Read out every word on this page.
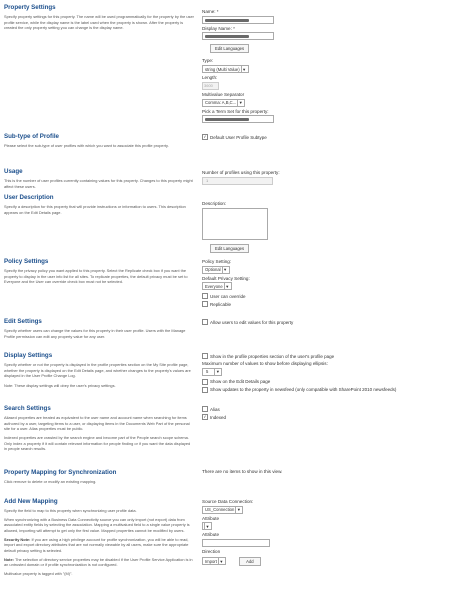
Property Settings
Specify property settings for this property. The name will be used programmatically for the property by the user profile service, while the display name is the label used when the property is shown. After the property is created the only property setting you can change is the display name.
Name: *
Display Name: *
Edit Languages
Type:
string (Multi Value) ▼
Length:
3600
Multivalue Separator
Comma: A,B,C... ▼
Pick a Term Set for this property:
Sub-type of Profile
Please select the sub-type of user profiles with which you want to associate this profile property.
✓ Default User Profile Subtype
Usage
This is the number of user profiles currently containing values for this property. Changes to this property might affect these users.
Number of profiles using this property:
1
User Description
Specify a description for this property that will provide instructions or information to users. This description appears on the Edit Details page.
Description:
Edit Languages
Policy Settings
Specify the privacy policy you want applied to this property. Select the Replicate check box if you want the property to display in the user info list for all sites. To replicate properties, the default privacy must be set to Everyone and the User can override check box must not be selected.
Policy Setting:
Optional ▼
Default Privacy Setting:
Everyone ▼
User can override
Replicable
Edit Settings
Specify whether users can change the values for this property in their user profile. Users with the Manage Profile permission can edit any property value for any user.
Allow users to edit values for this property
Display Settings
Specify whether or not the property is displayed in the profile properties section on the My Site profile page, whether the property is displayed on the Edit Details page, and whether changes to the property's values are displayed in the User Profile Change Log.
Note: These display settings will obey the user's privacy settings.
Show in the profile properties section of the user's profile page
Maximum number of values to show before displaying ellipsis:
5	▼
Show on the Edit Details page
Show updates to the property in newsfeed (only compatible with SharePoint 2010 newsfeeds)
Search Settings
Aliased properties are treated as equivalent to the user name and account name when searching for items authored by a user, targeting items to a user, or displaying items in the Documents Web Part of the personal site for a user. Alias properties must be public.
Indexed properties are crawled by the search engine and become part of the People search scope schema. Only index a property if it will contain relevant information for people finding or if you want the data displayed in people search results.
Alias
✓ Indexed
Property Mapping for Synchronization
Click remove to delete or modify an existing mapping.
There are no items to show in this view.
Add New Mapping
Specify the field to map to this property when synchronizing user profile data.
When synchronizing with a Business Data Connectivity source you can only import (not export) data from associated entity fields by selecting the association. Mapping a multivalued field to a single value property is allowed, importing will attempt to get only the first value. Mapped properties cannot be modified by users.
Security Note: If you are using a high privilege account for profile synchronization, you will be able to read, import and export directory attributes that are not normally viewable by all users, make sure the appropriate default privacy setting is selected.
Note: The selection of directory service properties may be disabled if the User Profile Service Application is in an untrusted domain or if profile synchronization is not configured.
Multivalue property is tagged with "(M)".
Source Data Connection:
US_Connection ▼
Attribute
▼
Attribute
Direction
Import ▼	Add
